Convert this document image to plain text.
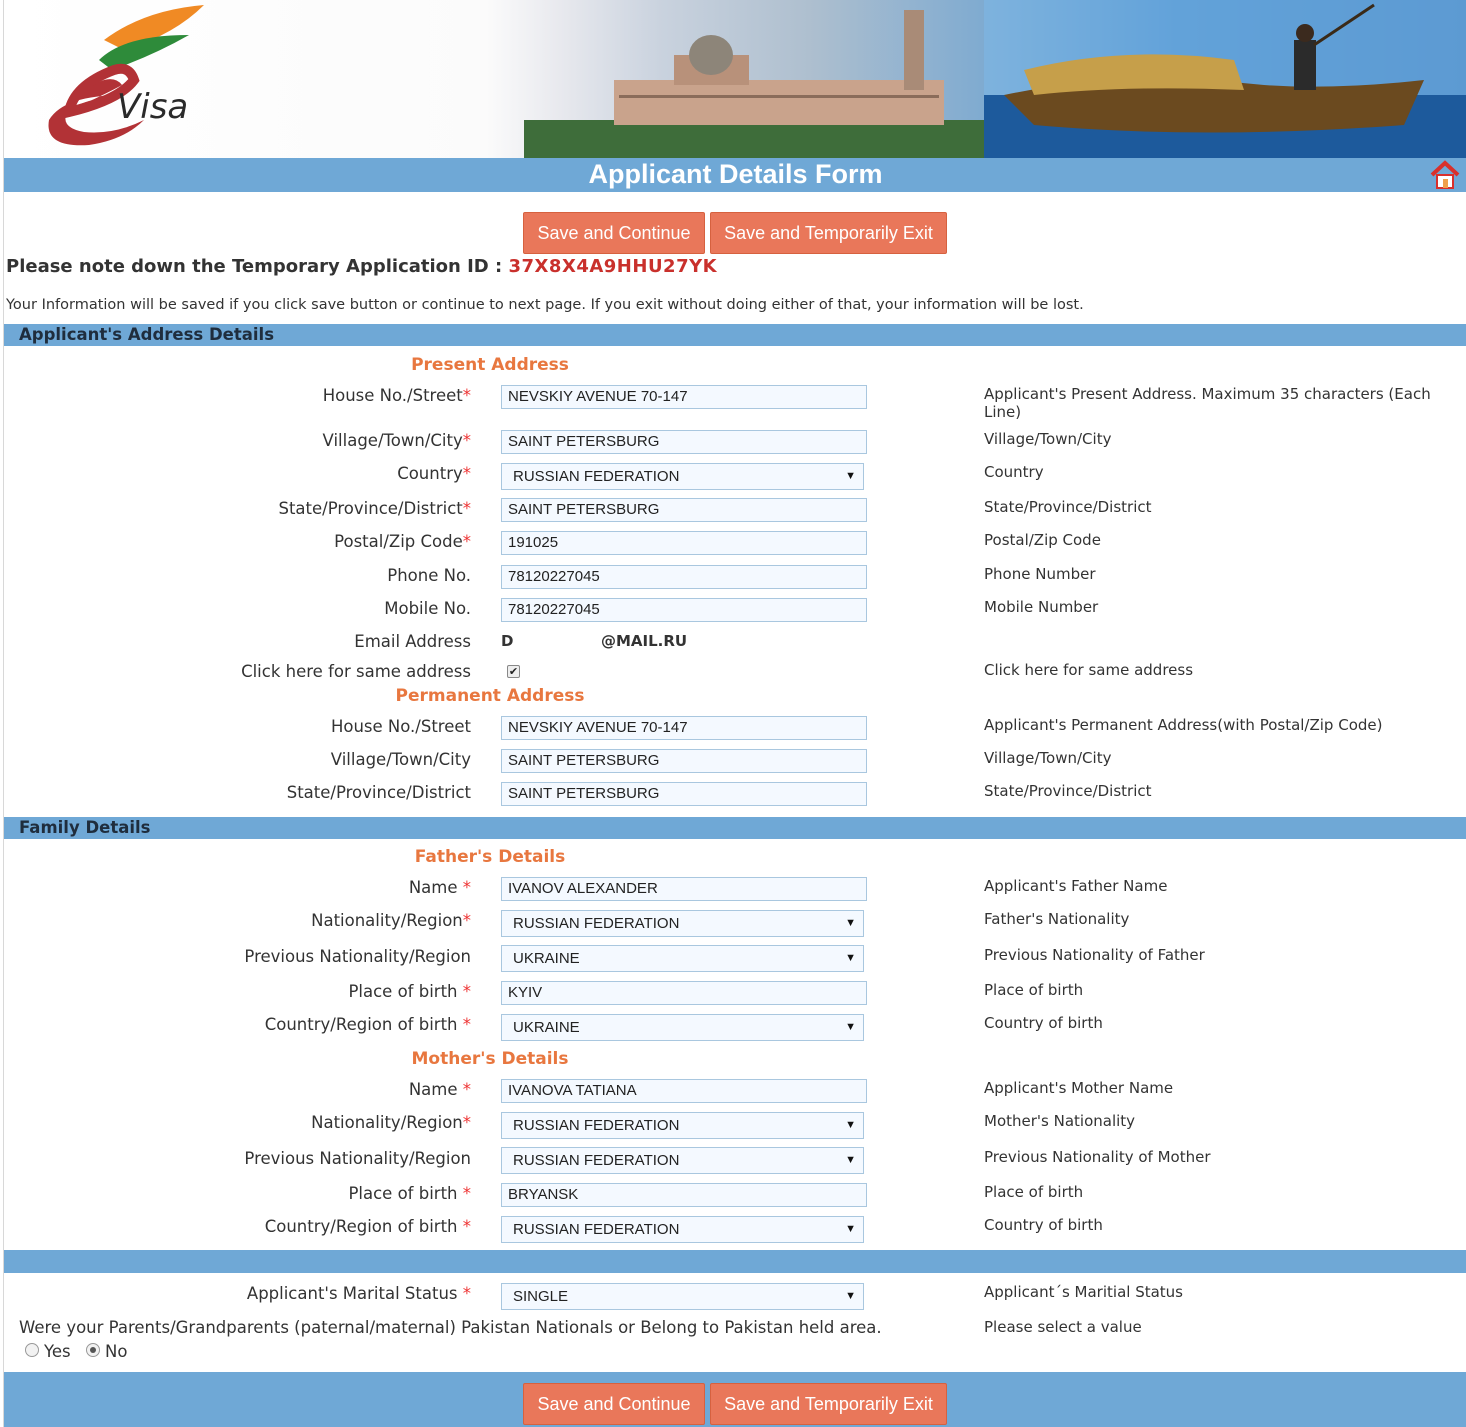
Visa
Applicant Details Form
Save and Continue	Save and Temporarily Exit
Please note down the Temporary Application ID : 37X8X4A9HHU27YK
Your Information will be saved if you click save button or continue to next page. If you exit without doing either of that, your information will be lost.
Applicant's Address Details
Present Address
House No./Street*	NEVSKIY AVENUE 70-147	Applicant's Present Address. Maximum 35 characters (Each Line)
Village/Town/City*	SAINT PETERSBURG	Village/Town/City
Country*	RUSSIAN FEDERATION	▼	Country
State/Province/District*	SAINT PETERSBURG	State/Province/District
Postal/Zip Code*	191025	Postal/Zip Code
Phone No.	78120227045	Phone Number
Mobile No.	78120227045	Mobile Number
Email Address D	@MAIL.RU
Click here for same address	✔	Click here for same address
Permanent Address
House No./Street	NEVSKIY AVENUE 70-147	Applicant's Permanent Address(with Postal/Zip Code)
Village/Town/City	SAINT PETERSBURG	Village/Town/City
State/Province/District	SAINT PETERSBURG	State/Province/District
Family Details
Father's Details
Name *	IVANOV ALEXANDER	Applicant's Father Name
Nationality/Region*	RUSSIAN FEDERATION	▼	Father's Nationality
Previous Nationality/Region	UKRAINE	▼	Previous Nationality of Father
Place of birth *	KYIV	Place of birth
Country/Region of birth *	UKRAINE	▼	Country of birth
Mother's Details
Name *	IVANOVA TATIANA	Applicant's Mother Name
Nationality/Region*	RUSSIAN FEDERATION	▼	Mother's Nationality
Previous Nationality/Region	RUSSIAN FEDERATION	▼	Previous Nationality of Mother
Place of birth *	BRYANSK	Place of birth
Country/Region of birth *	RUSSIAN FEDERATION	▼	Country of birth
Applicant's Marital Status *	SINGLE	▼	Applicant´s Maritial Status
Were your Parents/Grandparents (paternal/maternal) Pakistan Nationals or Belong to Pakistan held area.	Please select a value
Yes No
Save and Continue	Save and Temporarily Exit
